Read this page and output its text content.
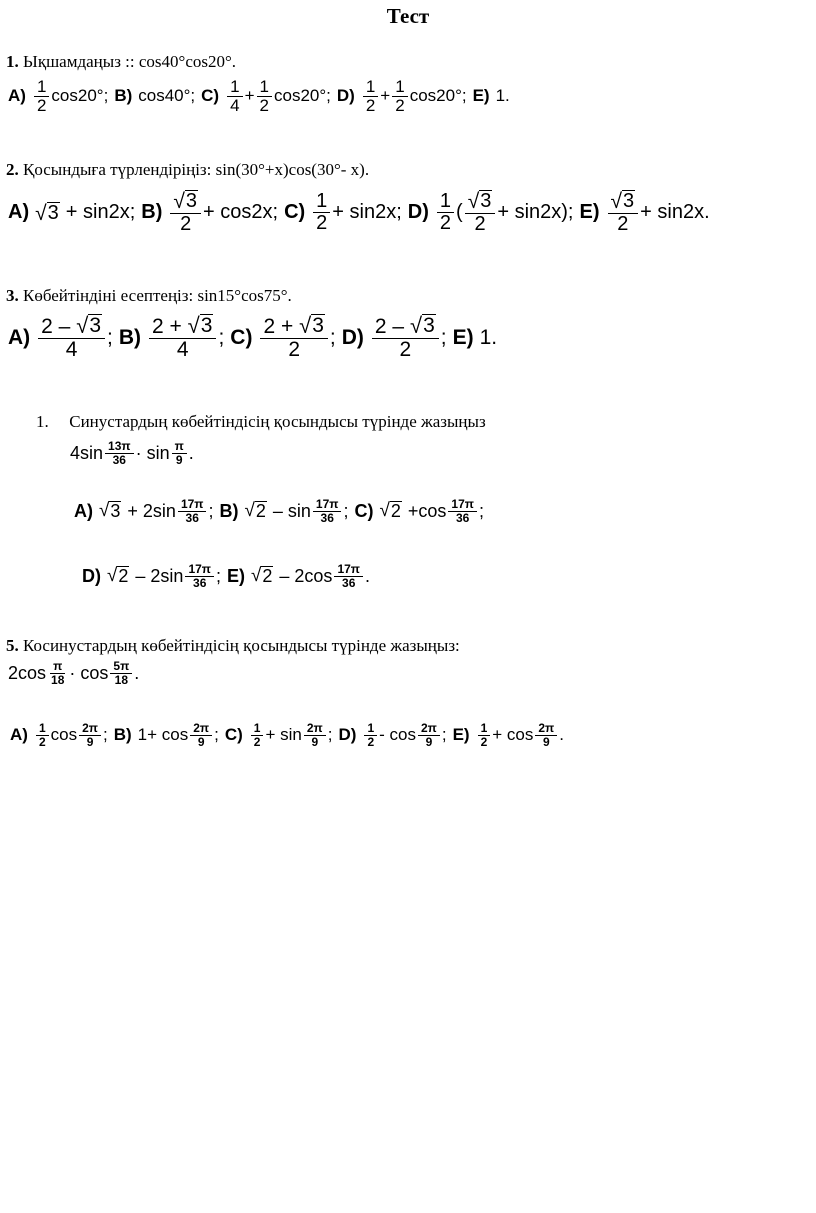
Тест
1. Ықшамдаңыз :: cos40°cos20°.
$A) \frac{1}{2} \cos 20^\circ$; B) cos40°; $C) \frac{1}{4} + \frac{1}{2} \cos 20^\circ$; $D) \frac{1}{2} + \frac{1}{2} \cos 20^\circ$; E) 1.
2. Қосындыға түрлендіріңіз: sin(30°+x)cos(30°- x).
A) √ 3 + sin2x; $B) \frac{√ 3}{2} + \cos 2x$; $C) \frac{1}{2} + \sin 2x$; $D) \frac{1}{2}$ ( $\frac{√ 3}{2} + \sin 2x$); $E) \frac{√ 3}{2} + \sin 2x$.
3. Көбейтіндіні есептеңіз: sin15°cos75°.
$A) \frac{2 - √ 3}{4}$ ; $B) \frac{2 + √ 3}{4}$ ; $C) \frac{2 + √ 3}{2}$ ; $D) \frac{2 - √ 3}{2}$ ; E) 1.
1. Синустардың көбейтіндісің қосындысы түрінде жазыңыз
$4\sin \frac{13\pi}{36} \cdot \sin \frac{\pi}{9}$ .
A) √ $3 + 2\sin \frac{17\pi}{36}$ ; B) √ $2 - \sin \frac{17\pi}{36}$ ; C) √ $2 +\cos \frac{17\pi}{36}$ ;
D) √ $2 - 2\sin \frac{17\pi}{36}$ ; E) √ $2 - 2\cos \frac{17\pi}{36}$ .
5. Косинустардың көбейтіндісің қосындысы түрінде жазыңыз:
$2\cos \frac{\pi}{18} \cdot \cos \frac{5\pi}{18}$ .
$A) \frac{1}{2}$ $\cos \frac{2\pi}{9}$ ; B) $1+ \cos \frac{2\pi}{9}$ ; $C) \frac{1}{2} + \sin \frac{2\pi}{9}$ ; $D) \frac{1}{2}$ - $\cos \frac{2\pi}{9}$ ; $E) \frac{1}{2} + \cos \frac{2\pi}{9}$ .
